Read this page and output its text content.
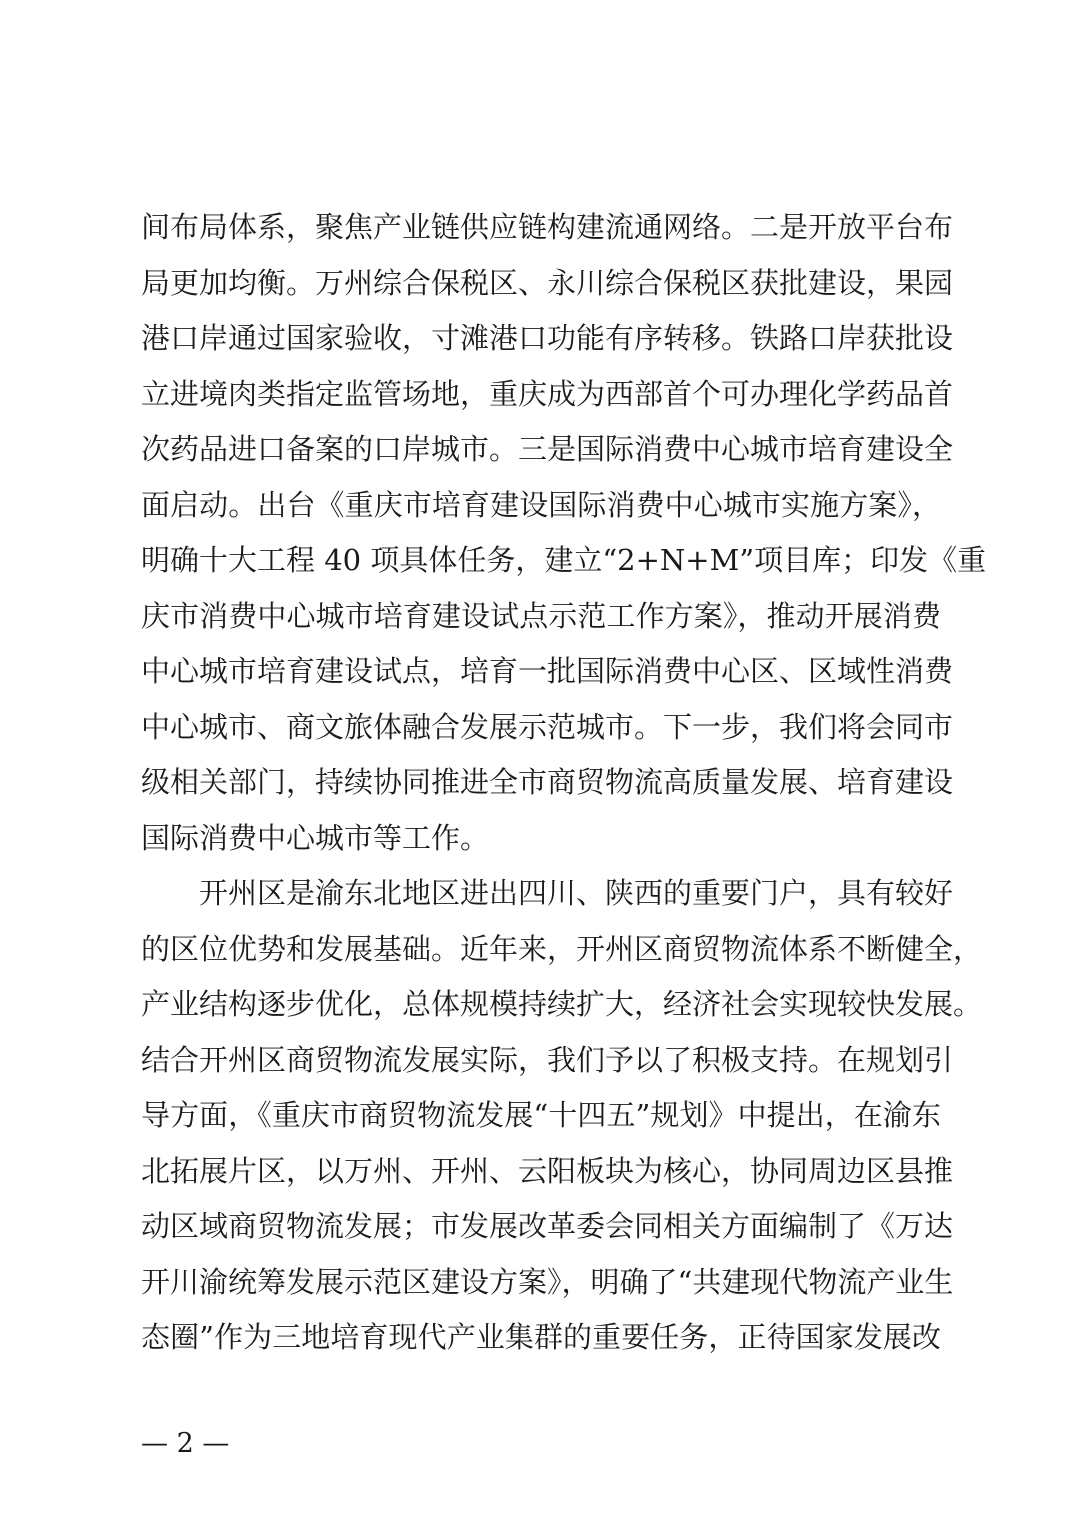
间布局体系，聚焦产业链供应链构建流通网络。二是开放平台布
局更加均衡。万州综合保税区、永川综合保税区获批建设，果园
港口岸通过国家验收，寸滩港口功能有序转移。铁路口岸获批设
立进境肉类指定监管场地，重庆成为西部首个可办理化学药品首
次药品进口备案的口岸城市。三是国际消费中心城市培育建设全
面启动。出台《重庆市培育建设国际消费中心城市实施方案》，
明确十大工程 40 项具体任务，建立“2+N+M”项目库；印发《重
庆市消费中心城市培育建设试点示范工作方案》，推动开展消费
中心城市培育建设试点，培育一批国际消费中心区、区域性消费
中心城市、商文旅体融合发展示范城市。下一步，我们将会同市
级相关部门，持续协同推进全市商贸物流高质量发展、培育建设
国际消费中心城市等工作。
开州区是渝东北地区进出四川、陕西的重要门户，具有较好
的区位优势和发展基础。近年来，开州区商贸物流体系不断健全，
产业结构逐步优化，总体规模持续扩大，经济社会实现较快发展。
结合开州区商贸物流发展实际，我们予以了积极支持。在规划引
导方面，《重庆市商贸物流发展“十四五”规划》中提出，在渝东
北拓展片区，以万州、开州、云阳板块为核心，协同周边区县推
动区域商贸物流发展；市发展改革委会同相关方面编制了《万达
开川渝统筹发展示范区建设方案》，明确了“共建现代物流产业生
态圈”作为三地培育现代产业集群的重要任务，正待国家发展改
— 2 —
